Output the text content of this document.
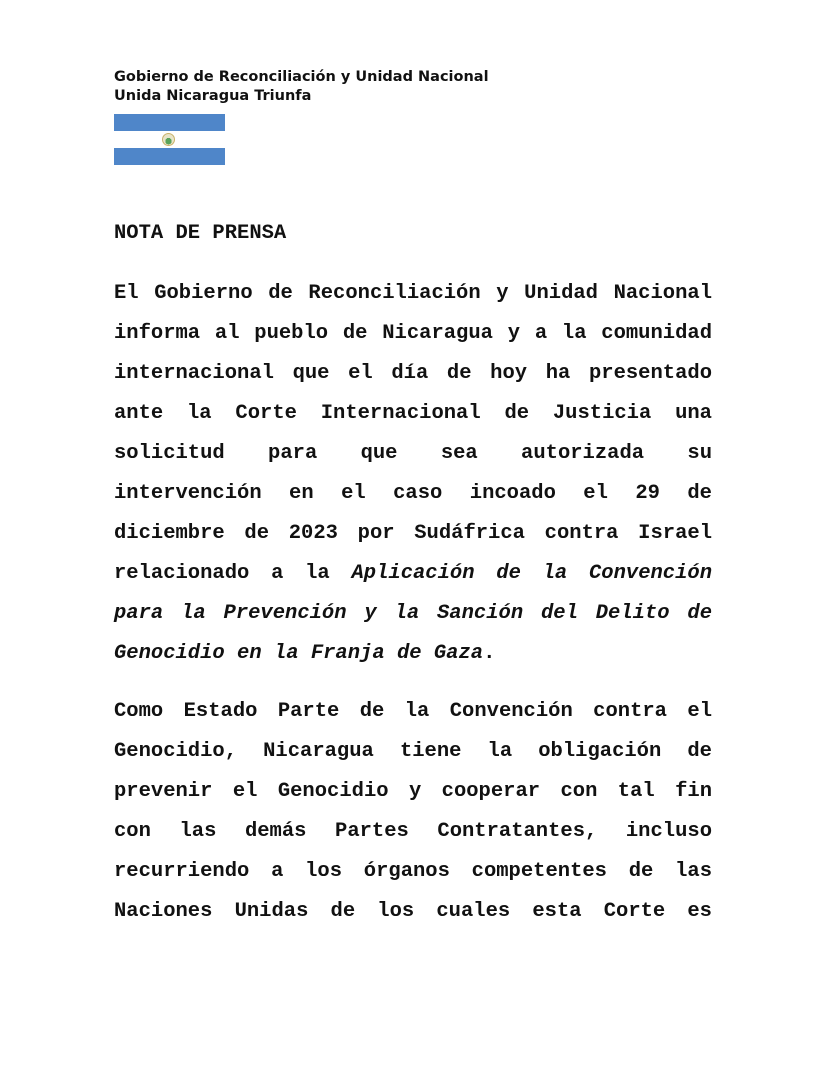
Gobierno de Reconciliación y Unidad Nacional
Unida Nicaragua Triunfa
NOTA DE PRENSA
El Gobierno de Reconciliación y Unidad Nacional
informa al pueblo de Nicaragua y a la comunidad
internacional que el día de hoy ha presentado
ante la Corte Internacional de Justicia una
solicitud para que sea autorizada su
intervención en el caso incoado el 29 de
diciembre de 2023 por Sudáfrica contra Israel
relacionado a la Aplicación de la Convención
para la Prevención y la Sanción del Delito de
Genocidio en la Franja de Gaza.
Como Estado Parte de la Convención contra el
Genocidio, Nicaragua tiene la obligación de
prevenir el Genocidio y cooperar con tal fin
con las demás Partes Contratantes, incluso
recurriendo a los órganos competentes de las
Naciones Unidas de los cuales esta Corte es
